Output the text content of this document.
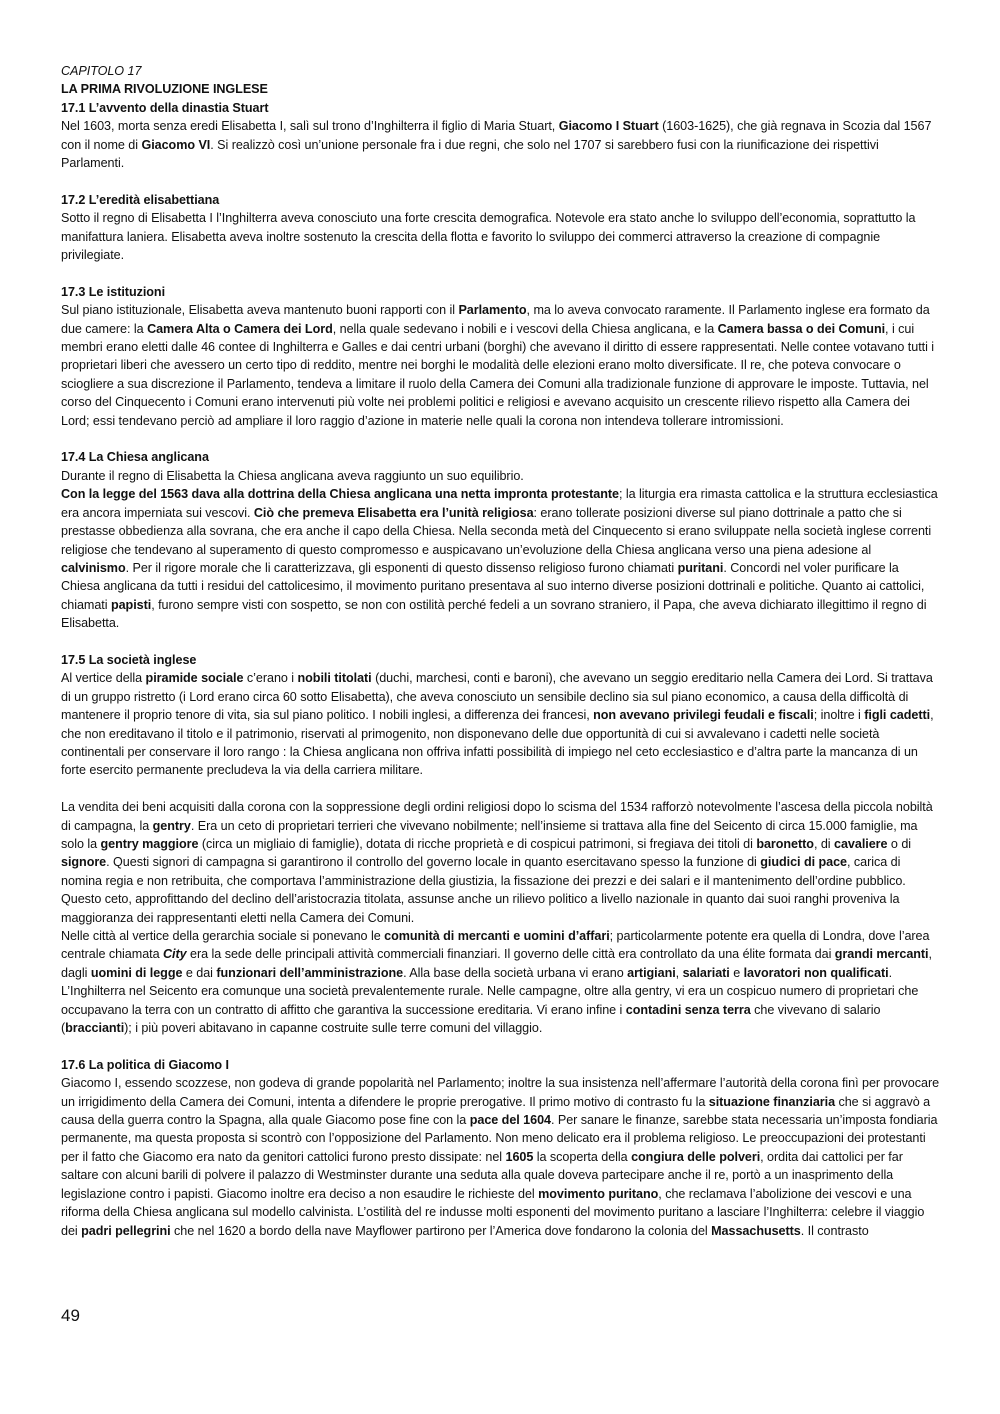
CAPITOLO 17
LA PRIMA RIVOLUZIONE INGLESE
17.1 L’avvento della dinastia Stuart

Nel 1603, morta senza eredi Elisabetta I, salì sul trono d’Inghilterra il figlio di Maria Stuart, Giacomo I Stuart (1603-1625), che già regnava in Scozia dal 1567 con il nome di Giacomo VI. Si realizzò così un’unione personale fra i due regni, che solo nel 1707 si sarebbero fusi con la riunificazione dei rispettivi Parlamenti.

17.2 L’eredità elisabettiana

Sotto il regno di Elisabetta I l’Inghilterra aveva conosciuto una forte crescita demografica. Notevole era stato anche lo sviluppo dell’economia, soprattutto la manifattura laniera. Elisabetta aveva inoltre sostenuto la crescita della flotta e favorito lo sviluppo dei commerci attraverso la creazione di compagnie privilegiate.

17.3 Le istituzioni

Sul piano istituzionale, Elisabetta aveva mantenuto buoni rapporti con il Parlamento, ma lo aveva convocato raramente. Il Parlamento inglese era formato da due camere: la Camera Alta o Camera dei Lord, nella quale sedevano i nobili e i vescovi della Chiesa anglicana, e la Camera bassa o dei Comuni, i cui membri erano eletti dalle 46 contee di Inghilterra e Galles e dai centri urbani (borghi) che avevano il diritto di essere rappresentati. Nelle contee votavano tutti i proprietari liberi che avessero un certo tipo di reddito, mentre nei borghi le modalità delle elezioni erano molto diversificate. Il re, che poteva convocare o sciogliere a sua discrezione il Parlamento, tendeva a limitare il ruolo della Camera dei Comuni alla tradizionale funzione di approvare le imposte. Tuttavia, nel corso del Cinquecento i Comuni erano intervenuti più volte nei problemi politici e religiosi e avevano acquisito un crescente rilievo rispetto alla Camera dei Lord; essi tendevano perciò ad ampliare il loro raggio d’azione in materie nelle quali la corona non intendeva tollerare intromissioni.

17.4 La Chiesa anglicana

Durante il regno di Elisabetta la Chiesa anglicana aveva raggiunto un suo equilibrio.

Con la legge del 1563 dava alla dottrina della Chiesa anglicana una netta impronta protestante; la liturgia era rimasta cattolica e la struttura ecclesiastica era ancora imperniata sui vescovi. Ciò che premeva Elisabetta era l’unità religiosa: erano tollerate posizioni diverse sul piano dottrinale a patto che si prestasse obbedienza alla sovrana, che era anche il capo della Chiesa. Nella seconda metà del Cinquecento si erano sviluppate nella società inglese correnti religiose che tendevano al superamento di questo compromesso e auspicavano un’evoluzione della Chiesa anglicana verso una piena adesione al calvinismo. Per il rigore morale che li caratterizzava, gli esponenti di questo dissenso religioso furono chiamati puritani. Concordi nel voler purificare la Chiesa anglicana da tutti i residui del cattolicesimo, il movimento puritano presentava al suo interno diverse posizioni dottrinali e politiche. Quanto ai cattolici, chiamati papisti, furono sempre visti con sospetto, se non con ostilità perché fedeli a un sovrano straniero, il Papa, che aveva dichiarato illegittimo il regno di Elisabetta.

17.5 La società inglese

Al vertice della piramide sociale c’erano i nobili titolati (duchi, marchesi, conti e baroni), che avevano un seggio ereditario nella Camera dei Lord. Si trattava di un gruppo ristretto (i Lord erano circa 60 sotto Elisabetta), che aveva conosciuto un sensibile declino sia sul piano economico, a causa della difficoltà di mantenere il proprio tenore di vita, sia sul piano politico. I nobili inglesi, a differenza dei francesi, non avevano privilegi feudali e fiscali; inoltre i figli cadetti, che non ereditavano il titolo e il patrimonio, riservati al primogenito, non disponevano delle due opportunità di cui si avvalevano i cadetti nelle società continentali per conservare il loro rango : la Chiesa anglicana non offriva infatti possibilità di impiego nel ceto ecclesiastico e d’altra parte la mancanza di un forte esercito permanente precludeva la via della carriera militare.

La vendita dei beni acquisiti dalla corona con la soppressione degli ordini religiosi dopo lo scisma del 1534 rafforzò notevolmente l’ascesa della piccola nobiltà di campagna, la gentry. Era un ceto di proprietari terrieri che vivevano nobilmente; nell’insieme si trattava alla fine del Seicento di circa 15.000 famiglie, ma solo la gentry maggiore (circa un migliaio di famiglie), dotata di ricche proprietà e di cospicui patrimoni, si fregiava dei titoli di baronetto, di cavaliere o di signore. Questi signori di campagna si garantirono il controllo del governo locale in quanto esercitavano spesso la funzione di giudici di pace, carica di nomina regia e non retribuita, che comportava l’amministrazione della giustizia, la fissazione dei prezzi e dei salari e il mantenimento dell’ordine pubblico. Questo ceto, approfittando del declino dell’aristocrazia titolata, assunse anche un rilievo politico a livello nazionale in quanto dai suoi ranghi proveniva la maggioranza dei rappresentanti eletti nella Camera dei Comuni.

Nelle città al vertice della gerarchia sociale si ponevano le comunità di mercanti e uomini d’affari; particolarmente potente era quella di Londra, dove l’area centrale chiamata City era la sede delle principali attività commerciali finanziari. Il governo delle città era controllato da una élite formata dai grandi mercanti, dagli uomini di legge e dai funzionari dell’amministrazione. Alla base della società urbana vi erano artigiani, salariati e lavoratori non qualificati. L’Inghilterra nel Seicento era comunque una società prevalentemente rurale. Nelle campagne, oltre alla gentry, vi era un cospicuo numero di proprietari che occupavano la terra con un contratto di affitto che garantiva la successione ereditaria. Vi erano infine i contadini senza terra che vivevano di salario (braccianti); i più poveri abitavano in capanne costruite sulle terre comuni del villaggio.

17.6 La politica di Giacomo I

Giacomo I, essendo scozzese, non godeva di grande popolarità nel Parlamento; inoltre la sua insistenza nell’affermare l’autorità della corona finì per provocare un irrigidimento della Camera dei Comuni, intenta a difendere le proprie prerogative. Il primo motivo di contrasto fu la situazione finanziaria che si aggravò a causa della guerra contro la Spagna, alla quale Giacomo pose fine con la pace del 1604. Per sanare le finanze, sarebbe stata necessaria un’imposta fondiaria permanente, ma questa proposta si scontrò con l’opposizione del Parlamento. Non meno delicato era il problema religioso. Le preoccupazioni dei protestanti per il fatto che Giacomo era nato da genitori cattolici furono presto dissipate: nel 1605 la scoperta della congiura delle polveri, ordita dai cattolici per far saltare con alcuni barili di polvere il palazzo di Westminster durante una seduta alla quale doveva partecipare anche il re, portò a un inasprimento della legislazione contro i papisti. Giacomo inoltre era deciso a non esaudire le richieste del movimento puritano, che reclamava l’abolizione dei vescovi e una riforma della Chiesa anglicana sul modello calvinista. L’ostilità del re indusse molti esponenti del movimento puritano a lasciare l’Inghilterra: celebre il viaggio dei padri pellegrini che nel 1620 a bordo della nave Mayflower partirono per l’America dove fondarono la colonia del Massachusetts. Il contrasto

49
